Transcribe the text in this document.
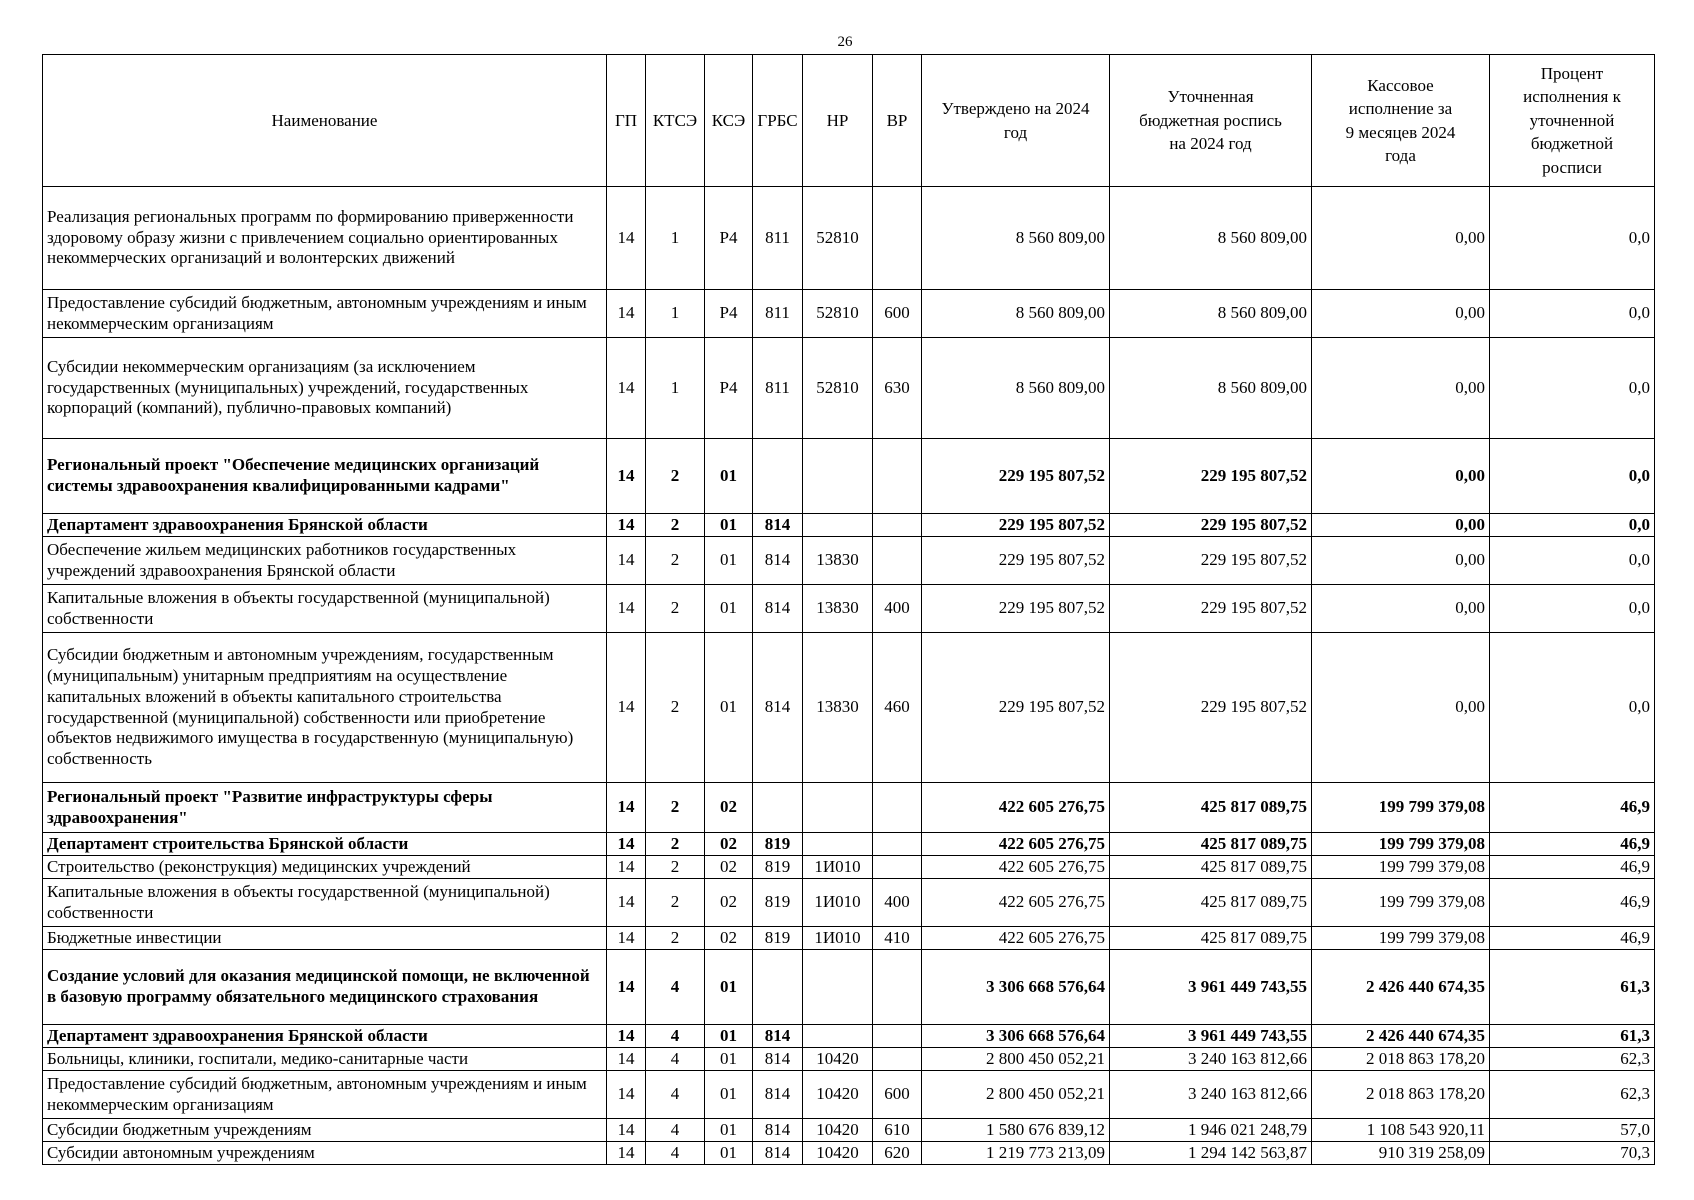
26
Наименование	ГП	КТСЭ	КСЭ	ГРБС	НР	ВР	Утверждено на 2024 год	Уточненная бюджетная роспись на 2024 год	Кассовое исполнение за 9 месяцев 2024 года	Процент исполнения к уточненной бюджетной росписи
Реализация региональных программ по формированию приверженности здоровому образу жизни с привлечением социально ориентированных некоммерческих организаций и волонтерских движений	14	1	Р4	811	52810		8 560 809,00	8 560 809,00	0,00	0,0
Предоставление субсидий бюджетным, автономным учреждениям и иным некоммерческим организациям	14	1	Р4	811	52810	600	8 560 809,00	8 560 809,00	0,00	0,0
Субсидии некоммерческим организациям (за исключением государственных (муниципальных) учреждений, государственных корпораций (компаний), публично-правовых компаний)	14	1	Р4	811	52810	630	8 560 809,00	8 560 809,00	0,00	0,0
Региональный проект "Обеспечение медицинских организаций системы здравоохранения квалифицированными кадрами"	14	2	01				229 195 807,52	229 195 807,52	0,00	0,0
Департамент здравоохранения Брянской области	14	2	01	814			229 195 807,52	229 195 807,52	0,00	0,0
Обеспечение жильем медицинских работников государственных учреждений здравоохранения Брянской области	14	2	01	814	13830		229 195 807,52	229 195 807,52	0,00	0,0
Капитальные вложения в объекты государственной (муниципальной) собственности	14	2	01	814	13830	400	229 195 807,52	229 195 807,52	0,00	0,0
Субсидии бюджетным и автономным учреждениям, государственным (муниципальным) унитарным предприятиям на осуществление капитальных вложений в объекты капитального строительства государственной (муниципальной) собственности или приобретение объектов недвижимого имущества в государственную (муниципальную) собственность	14	2	01	814	13830	460	229 195 807,52	229 195 807,52	0,00	0,0
Региональный проект "Развитие инфраструктуры сферы здравоохранения"	14	2	02				422 605 276,75	425 817 089,75	199 799 379,08	46,9
Департамент строительства Брянской области	14	2	02	819			422 605 276,75	425 817 089,75	199 799 379,08	46,9
Строительство (реконструкция) медицинских учреждений	14	2	02	819	1И010		422 605 276,75	425 817 089,75	199 799 379,08	46,9
Капитальные вложения в объекты государственной (муниципальной) собственности	14	2	02	819	1И010	400	422 605 276,75	425 817 089,75	199 799 379,08	46,9
Бюджетные инвестиции	14	2	02	819	1И010	410	422 605 276,75	425 817 089,75	199 799 379,08	46,9
Создание условий для оказания медицинской помощи, не включенной в базовую программу обязательного медицинского страхования	14	4	01				3 306 668 576,64	3 961 449 743,55	2 426 440 674,35	61,3
Департамент здравоохранения Брянской области	14	4	01	814			3 306 668 576,64	3 961 449 743,55	2 426 440 674,35	61,3
Больницы, клиники, госпитали, медико-санитарные части	14	4	01	814	10420		2 800 450 052,21	3 240 163 812,66	2 018 863 178,20	62,3
Предоставление субсидий бюджетным, автономным учреждениям и иным некоммерческим организациям	14	4	01	814	10420	600	2 800 450 052,21	3 240 163 812,66	2 018 863 178,20	62,3
Субсидии бюджетным учреждениям	14	4	01	814	10420	610	1 580 676 839,12	1 946 021 248,79	1 108 543 920,11	57,0
Субсидии автономным учреждениям	14	4	01	814	10420	620	1 219 773 213,09	1 294 142 563,87	910 319 258,09	70,3
